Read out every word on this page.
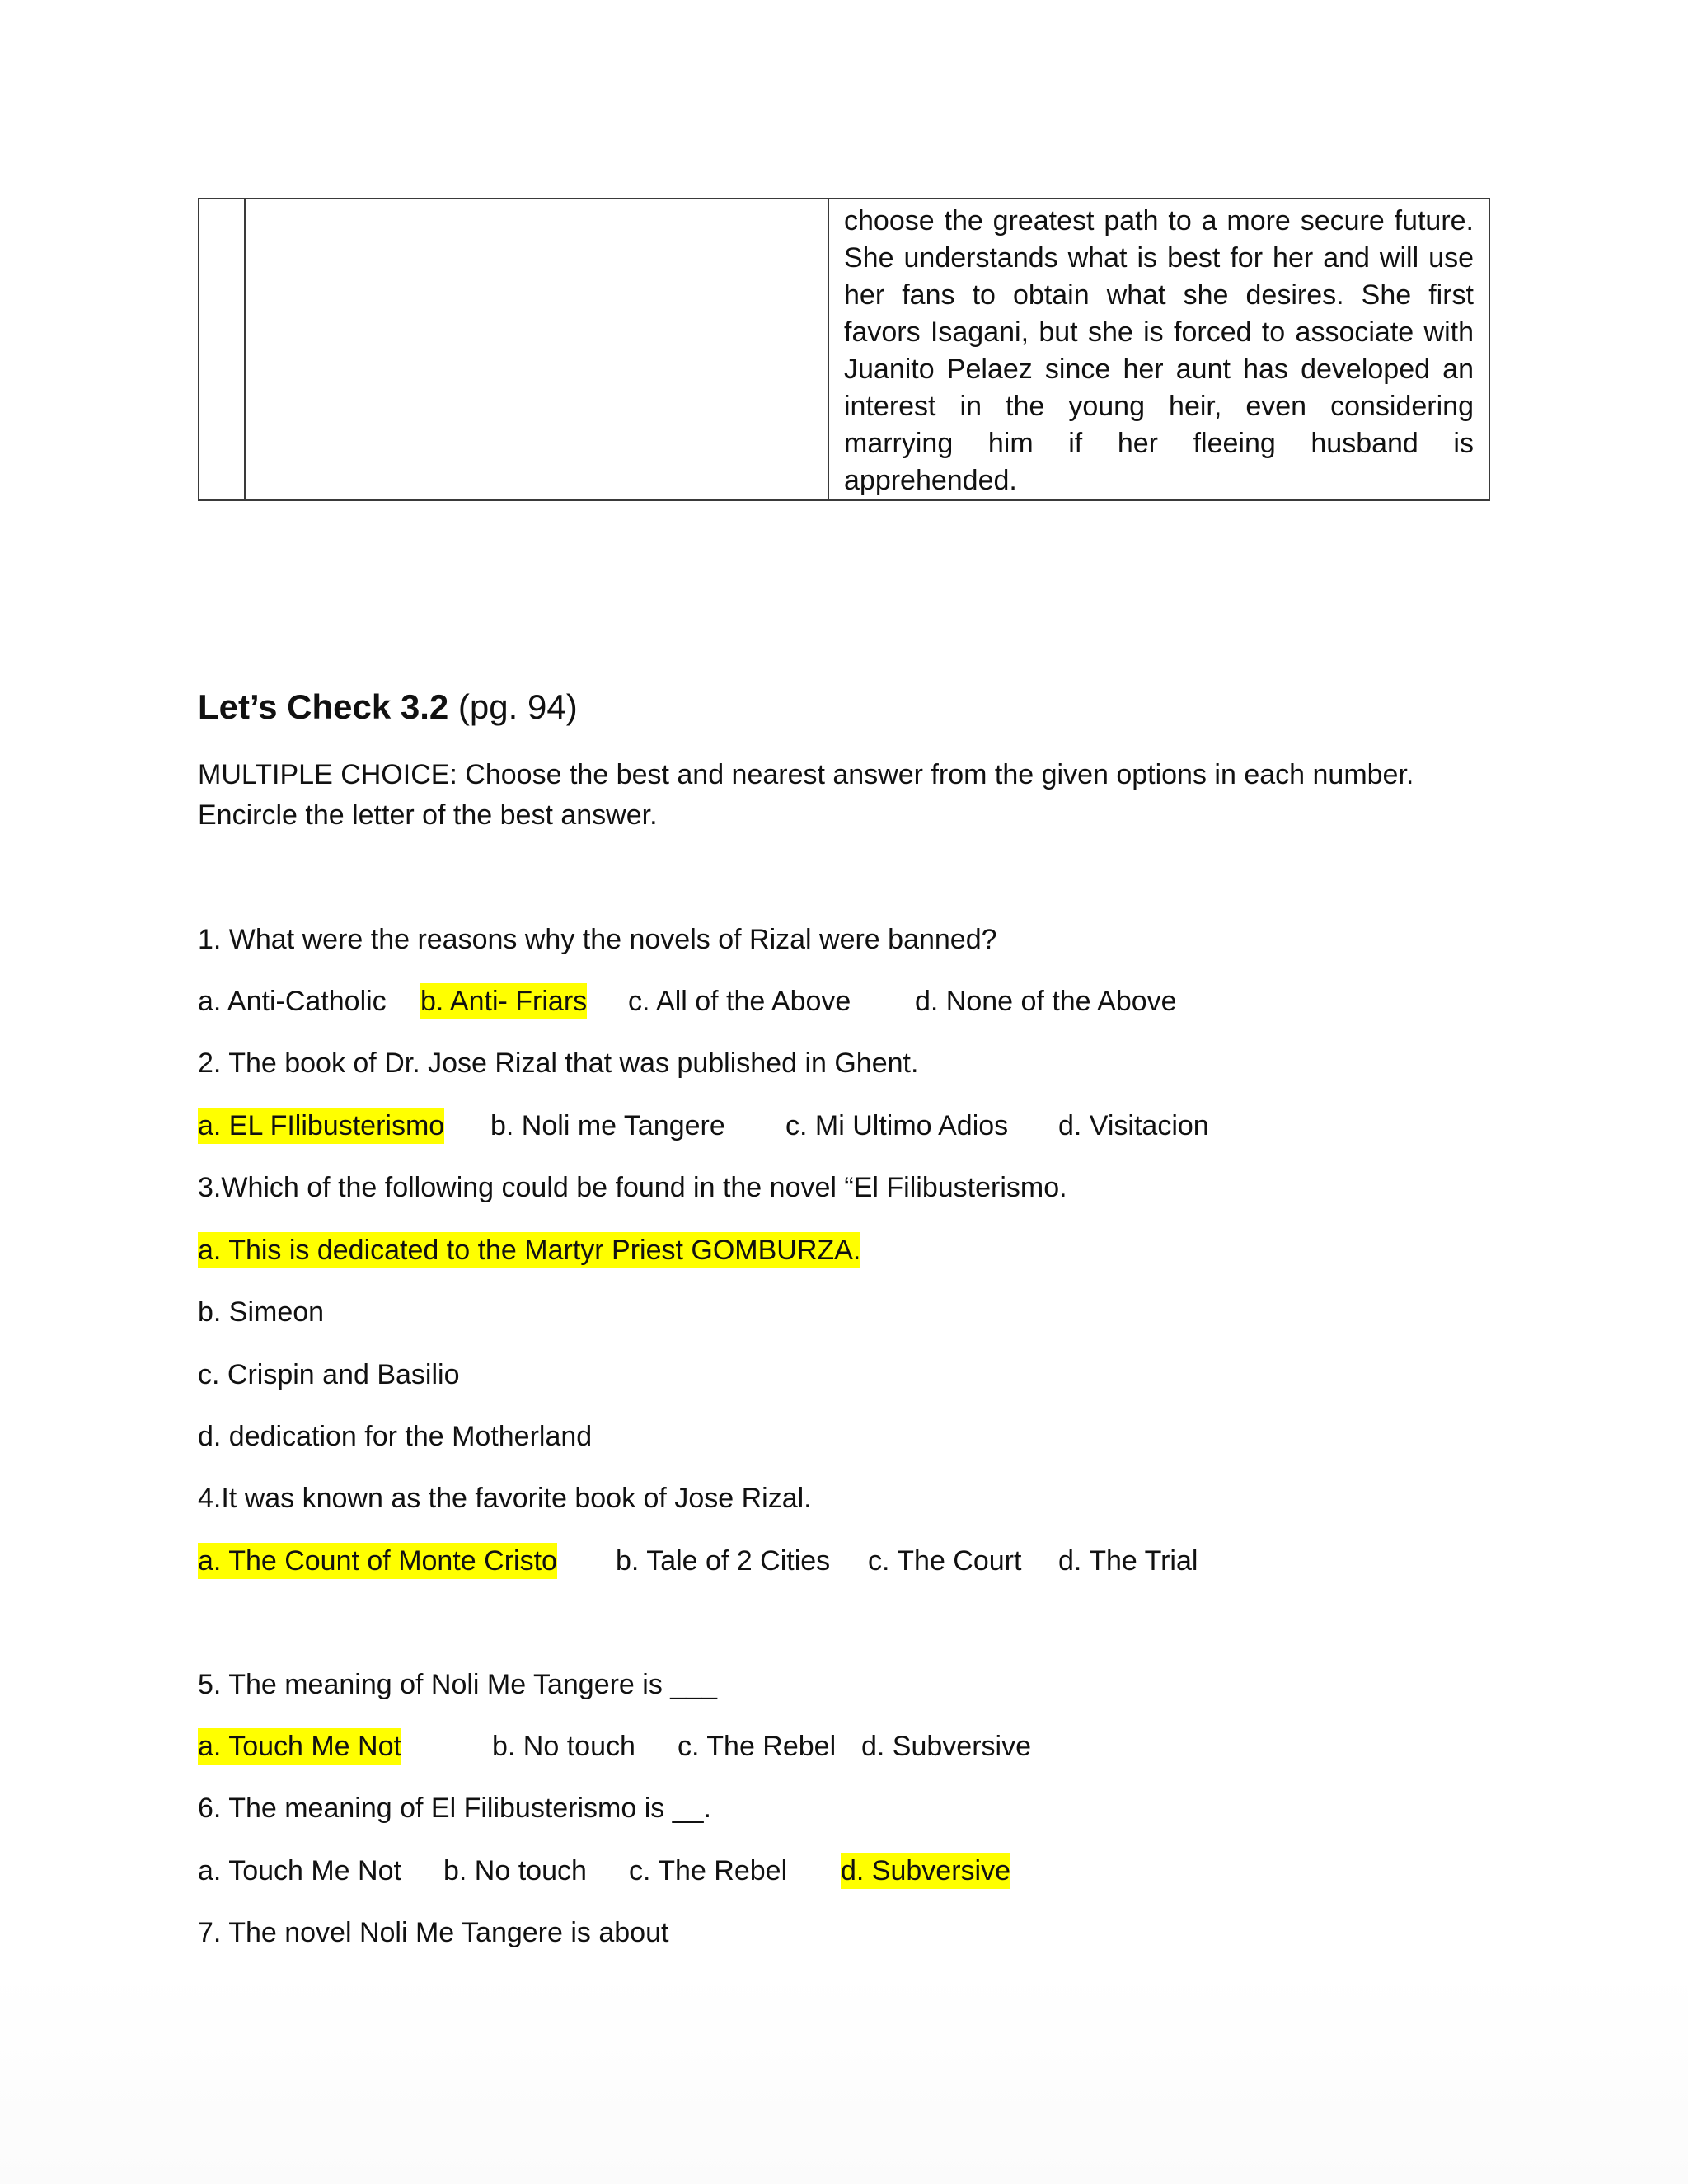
choose the greatest path to a more secure future. She understands what is best for her and will use her fans to obtain what she desires. She first favors Isagani, but she is forced to associate with Juanito Pelaez since her aunt has developed an interest in the young heir, even considering marrying him if her fleeing husband is apprehended.
Let’s Check 3.2 (pg. 94)
MULTIPLE CHOICE: Choose the best and nearest answer from the given options in each number. Encircle the letter of the best answer.
1. What were the reasons why the novels of Rizal were banned?
a. Anti-Catholic b. Anti- Friars c. All of the Above d. None of the Above
2. The book of Dr. Jose Rizal that was published in Ghent.
a. EL FIlibusterismo b. Noli me Tangere c. Mi Ultimo Adios d. Visitacion
3.Which of the following could be found in the novel “El Filibusterismo.
a. This is dedicated to the Martyr Priest GOMBURZA.
b. Simeon
c. Crispin and Basilio
d. dedication for the Motherland
4.It was known as the favorite book of Jose Rizal.
a. The Count of Monte Cristo b. Tale of 2 Cities c. The Court d. The Trial
5. The meaning of Noli Me Tangere is ___
a. Touch Me Not	b. No touch c. The Rebel d. Subversive
6. The meaning of El Filibusterismo is __.
a. Touch Me Not b. No touch c. The Rebel d. Subversive
7. The novel Noli Me Tangere is about
